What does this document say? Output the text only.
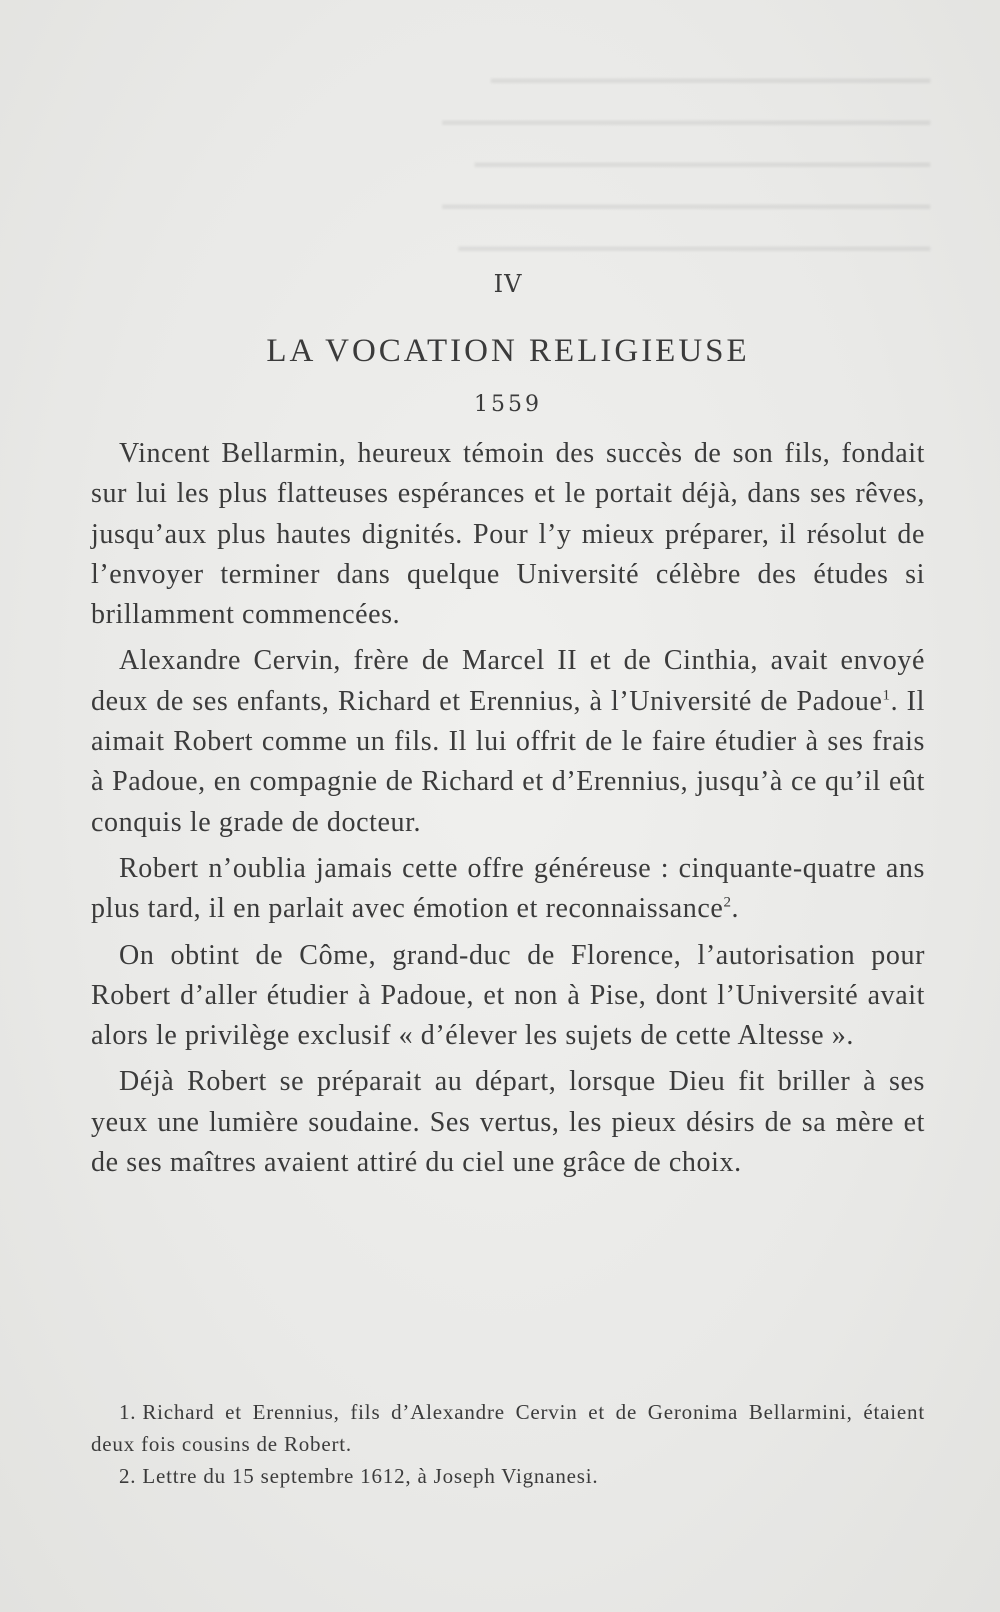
━━━━━━━━━━━━━━━━━━━━━━━━━━━
━━━━━━━━━━━━━━━━━━━━━━━━━━━━━━
━━━━━━━━━━━━━━━━━━━━━━━━━━━━
━━━━━━━━━━━━━━━━━━━━━━━━━━━━━━
━━━━━━━━━━━━━━━━━━━━━━━━━━━━━
IV
LA VOCATION RELIGIEUSE
1559

Vincent Bellarmin, heureux témoin des succès de son fils, fondait sur lui les plus flatteuses espérances et le portait déjà, dans ses rêves, jusqu’aux plus hautes dignités. Pour l’y mieux préparer, il résolut de l’envoyer terminer dans quelque Université célèbre des études si brillamment commencées.

Alexandre Cervin, frère de Marcel II et de Cinthia, avait envoyé deux de ses enfants, Richard et Erennius, à l’Université de Padoue$^1$. Il aimait Robert comme un fils. Il lui offrit de le faire étudier à ses frais à Padoue, en compagnie de Richard et d’Erennius, jusqu’à ce qu’il eût conquis le grade de docteur.

Robert n’oublia jamais cette offre généreuse : cinquante-quatre ans plus tard, il en parlait avec émotion et reconnaissance$^2$.

On obtint de Côme, grand-duc de Florence, l’autorisation pour Robert d’aller étudier à Padoue, et non à Pise, dont l’Université avait alors le privilège exclusif « d’élever les sujets de cette Altesse ».

Déjà Robert se préparait au départ, lorsque Dieu fit briller à ses yeux une lumière soudaine. Ses vertus, les pieux désirs de sa mère et de ses maîtres avaient attiré du ciel une grâce de choix.

1. Richard et Erennius, fils d’Alexandre Cervin et de Geronima Bellarmini, étaient deux fois cousins de Robert.

2. Lettre du 15 septembre 1612, à Joseph Vignanesi.
